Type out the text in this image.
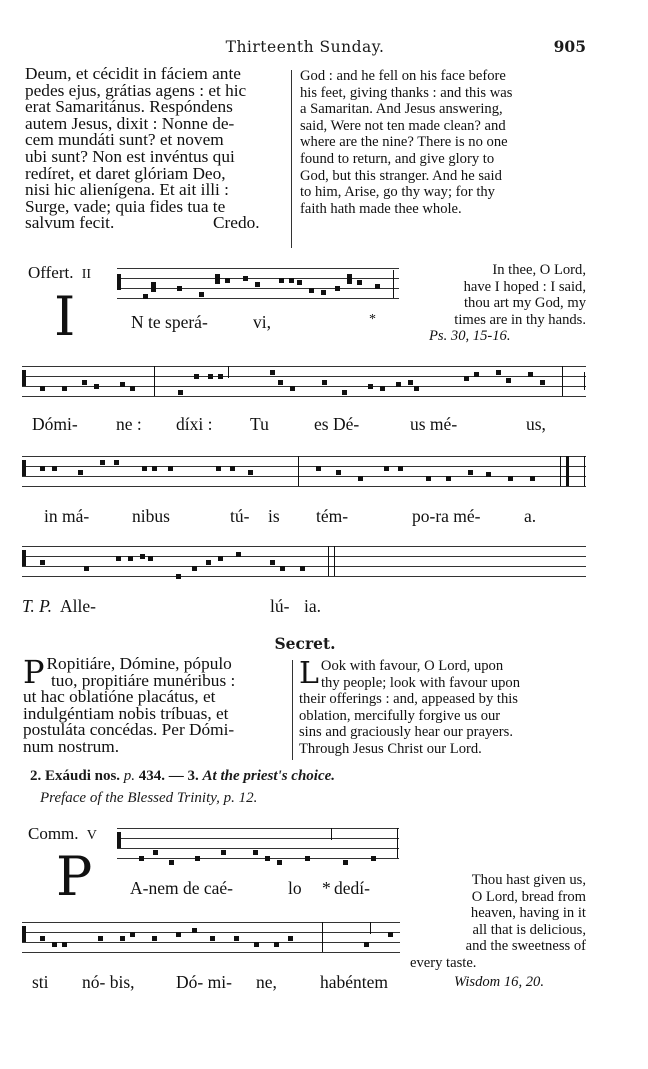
Thirteenth Sunday.	905

Deum, et cécidit in fáciem ante

pedes ejus, grátias agens : et hic

erat Samaritánus. Respóndens

autem Jesus, dixit : Nonne de-

cem mundáti sunt? et novem

ubi sunt? Non est invéntus qui

redíret, et daret glóriam Deo,

nisi hic alienígena. Et ait illi :

Surge, vade; quia fides tua te

salvum fecit.	Credo.

God : and he fell on his face before

his feet, giving thanks : and this was

a Samaritan. And Jesus answering,

said, Were not ten made clean? and

where are the nine? There is no one

found to return, and give glory to

God, but this stranger. And he said

to him, Arise, go thy way; for thy

faith hath made thee whole.

Offert. II
I	N te sperá-	vi,	*
In thee, O Lord,
have I hoped : I said,
thou art my God, my
times are in thy hands.
Ps. 30, 15-16.
Dómi- ne : díxi : Tu	es Dé-	us mé-	us,
in má- nibus	tú- is tém-	po-ra mé- a.
T. P. Alle-	lú- ia.
Secret.
P Ropitiáre, Dómine, pópulo

tuo, propitiáre munéribus :

ut hac oblatióne placátus, et

indulgéntiam nobis tríbuas, et

postuláta concédas. Per Dómi-

num nostrum.

L Ook with favour, O Lord, upon

thy people; look with favour upon

their offerings : and, appeased by this

oblation, mercifully forgive us our

sins and graciously hear our prayers.

Through Jesus Christ our Lord.

2. Exáudi nos. p. 434. — 3. At the priest's choice.
Preface of the Blessed Trinity, p. 12.
Comm. V
P A-nem de caé-	lo * dedí-
sti nó- bis, Dó- mi- ne, habéntem
Thou hast given us,
O Lord, bread from
heaven, having in it
all that is delicious,
and the sweetness of
every taste.
Wisdom 16, 20.
